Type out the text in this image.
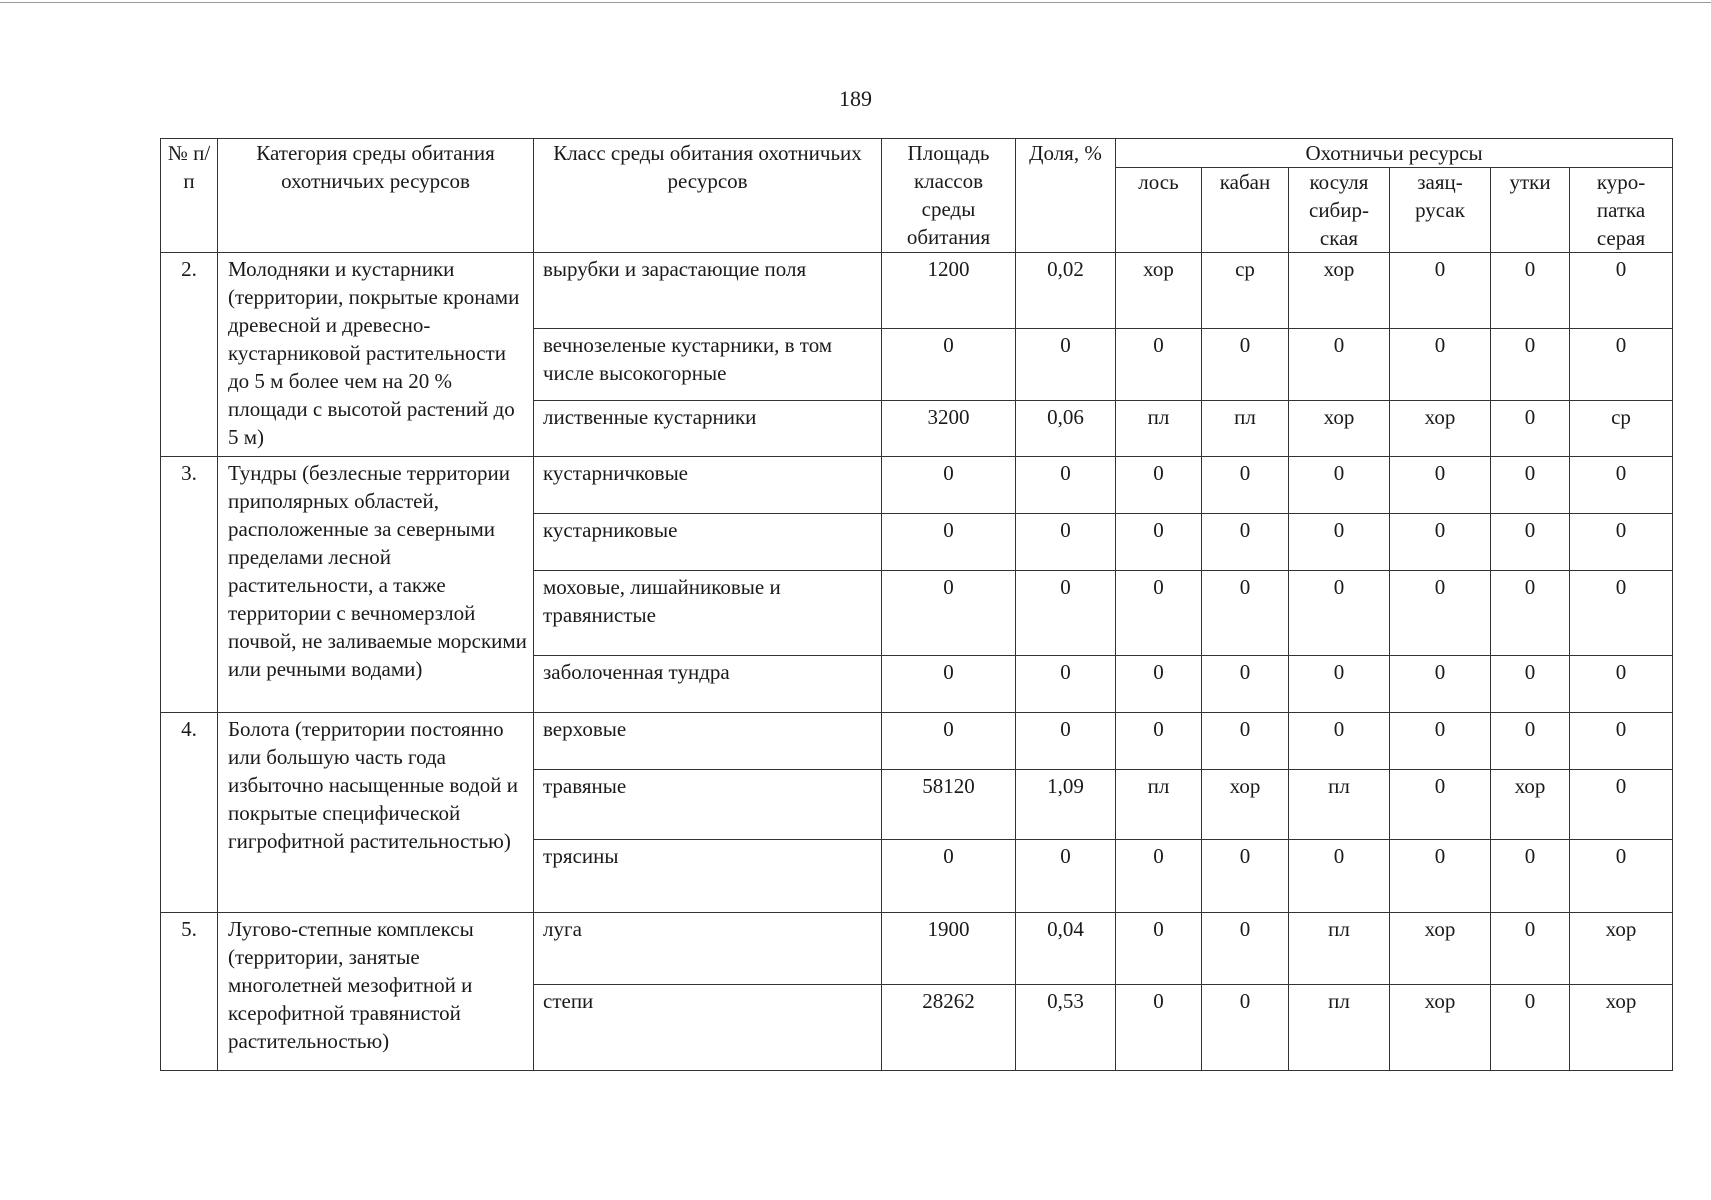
189
№ п/п	Категория среды обитания охотничьих ресурсов	Класс среды обитания охотничьих ресурсов	Площадь классов среды обитания	Доля, %	Охотничьи ресурсы					
					лось	кабан	косуля сибир-ская	заяц-русак	утки	куро-патка серая
2.	Молодняки и кустарники (территории, покрытые кронами древесной и древесно-кустарниковой растительности до 5 м более чем на 20 % площади с высотой растений до 5 м)	вырубки и зарастающие поля	1200	0,02	хор	ср	хор	0	0	0
		вечнозеленые кустарники, в том числе высокогорные	0	0	0	0	0	0	0	0
		лиственные кустарники	3200	0,06	пл	пл	хор	хор	0	ср
3.	Тундры (безлесные территории приполярных областей, расположенные за северными пределами лесной растительности, а также территории с вечномерзлой почвой, не заливаемые морскими или речными водами)	кустарничковые	0	0	0	0	0	0	0	0
		кустарниковые	0	0	0	0	0	0	0	0
		моховые, лишайниковые и травянистые	0	0	0	0	0	0	0	0
		заболоченная тундра	0	0	0	0	0	0	0	0
4.	Болота (территории постоянно или большую часть года избыточно насыщенные водой и покрытые специфической гигрофитной растительностью)	верховые	0	0	0	0	0	0	0	0
		травяные	58120	1,09	пл	хор	пл	0	хор	0
		трясины	0	0	0	0	0	0	0	0
5.	Лугово-степные комплексы (территории, занятые многолетней мезофитной и ксерофитной травянистой растительностью)	луга	1900	0,04	0	0	пл	хор	0	хор
		степи	28262	0,53	0	0	пл	хор	0	хор
